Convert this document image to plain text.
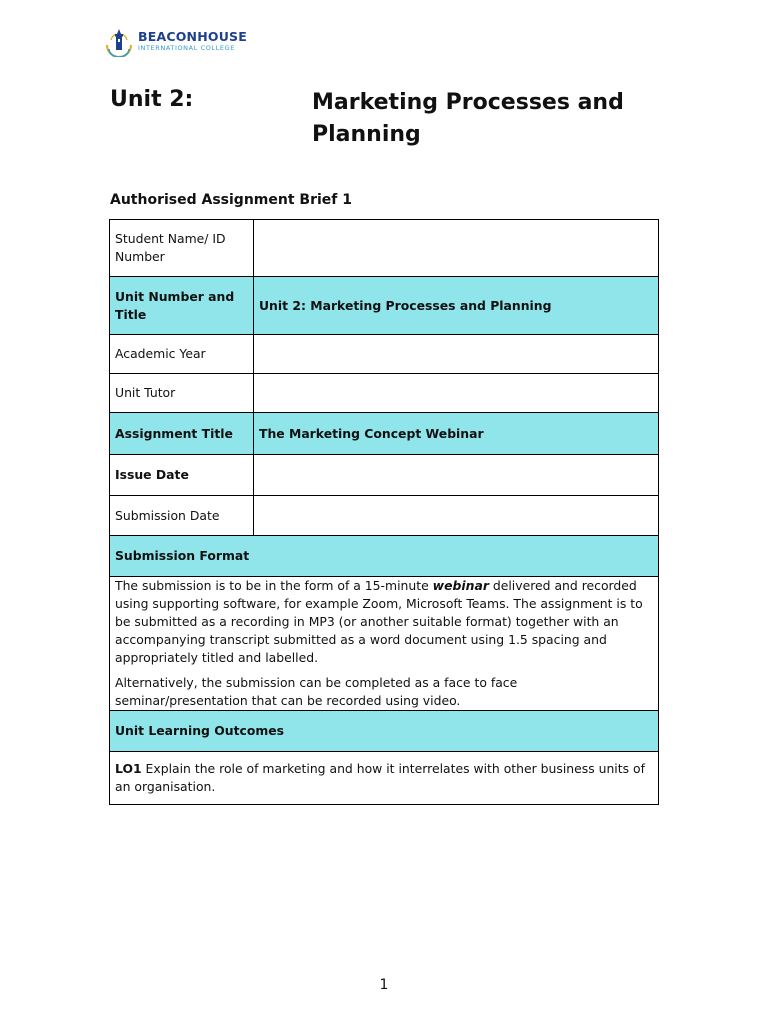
BEACONHOUSE
INTERNATIONAL COLLEGE
Unit 2:	Marketing Processes and Planning
Authorised Assignment Brief 1
Student Name/ ID Number	
Unit Number and Title	Unit 2: Marketing Processes and Planning
Academic Year	
Unit Tutor	
Assignment Title	The Marketing Concept Webinar
Issue Date	
Submission Date	
Submission Format	

The submission is to be in the form of a 15-minute webinar delivered and recorded using supporting software, for example Zoom, Microsoft Teams. The assignment is to be submitted as a recording in MP3 (or another suitable format) together with an accompanying transcript submitted as a word document using 1.5 spacing and appropriately titled and labelled.

Alternatively, the submission can be completed as a face to face seminar/presentation that can be recorded using video.	

Unit Learning Outcomes	
LO1 Explain the role of marketing and how it interrelates with other business units of an organisation.	
1
